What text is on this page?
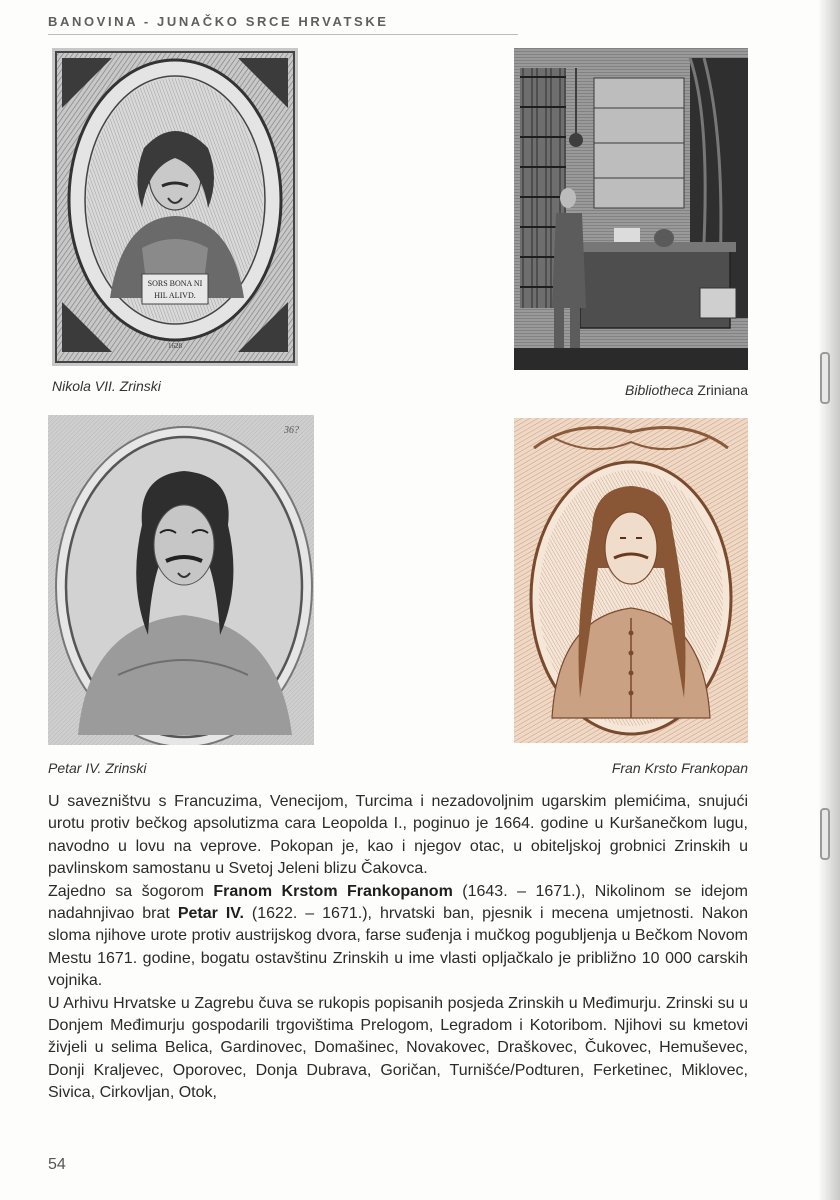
BANOVINA - JUNAČKO SRCE HRVATSKE
SORS BONA NI
HIL ALIVD.
1628
Nikola VII. Zrinski	Bibliotheca Zriniana
36?
Petar IV. Zrinski	Fran Krsto Frankopan

U savezništvu s Francuzima, Venecijom, Turcima i nezadovoljnim ugarskim plemićima, snujući urotu protiv bečkog apsolutizma cara Leopolda I., poginuo je 1664. godine u Kuršanečkom lugu, navodno u lovu na veprove. Pokopan je, kao i njegov otac, u obiteljskoj grobnici Zrinskih u pavlinskom samostanu u Svetoj Jeleni blizu Čakovca.

Zajedno sa šogorom Franom Krstom Frankopanom (1643. – 1671.), Nikolinom se idejom nadahnjivao brat Petar IV. (1622. – 1671.), hrvatski ban, pjesnik i mecena umjetnosti. Nakon sloma njihove urote protiv austrijskog dvora, farse suđenja i mučkog pogubljenja u Bečkom Novom Mestu 1671. godine, bogatu ostavštinu Zrinskih u ime vlasti opljačkalo je približno 10 000 carskih vojnika.

U Arhivu Hrvatske u Zagrebu čuva se rukopis popisanih posjeda Zrinskih u Međimurju. Zrinski su u Donjem Međimurju gospodarili trgovištima Prelogom, Legradom i Kotoribom. Njihovi su kmetovi živjeli u selima Belica, Gardinovec, Domašinec, Novakovec, Draškovec, Čukovec, Hemuševec, Donji Kraljevec, Oporovec, Donja Dubrava, Goričan, Turnišće/Podturen, Ferketinec, Miklovec, Sivica, Cirkovljan, Otok,

54
